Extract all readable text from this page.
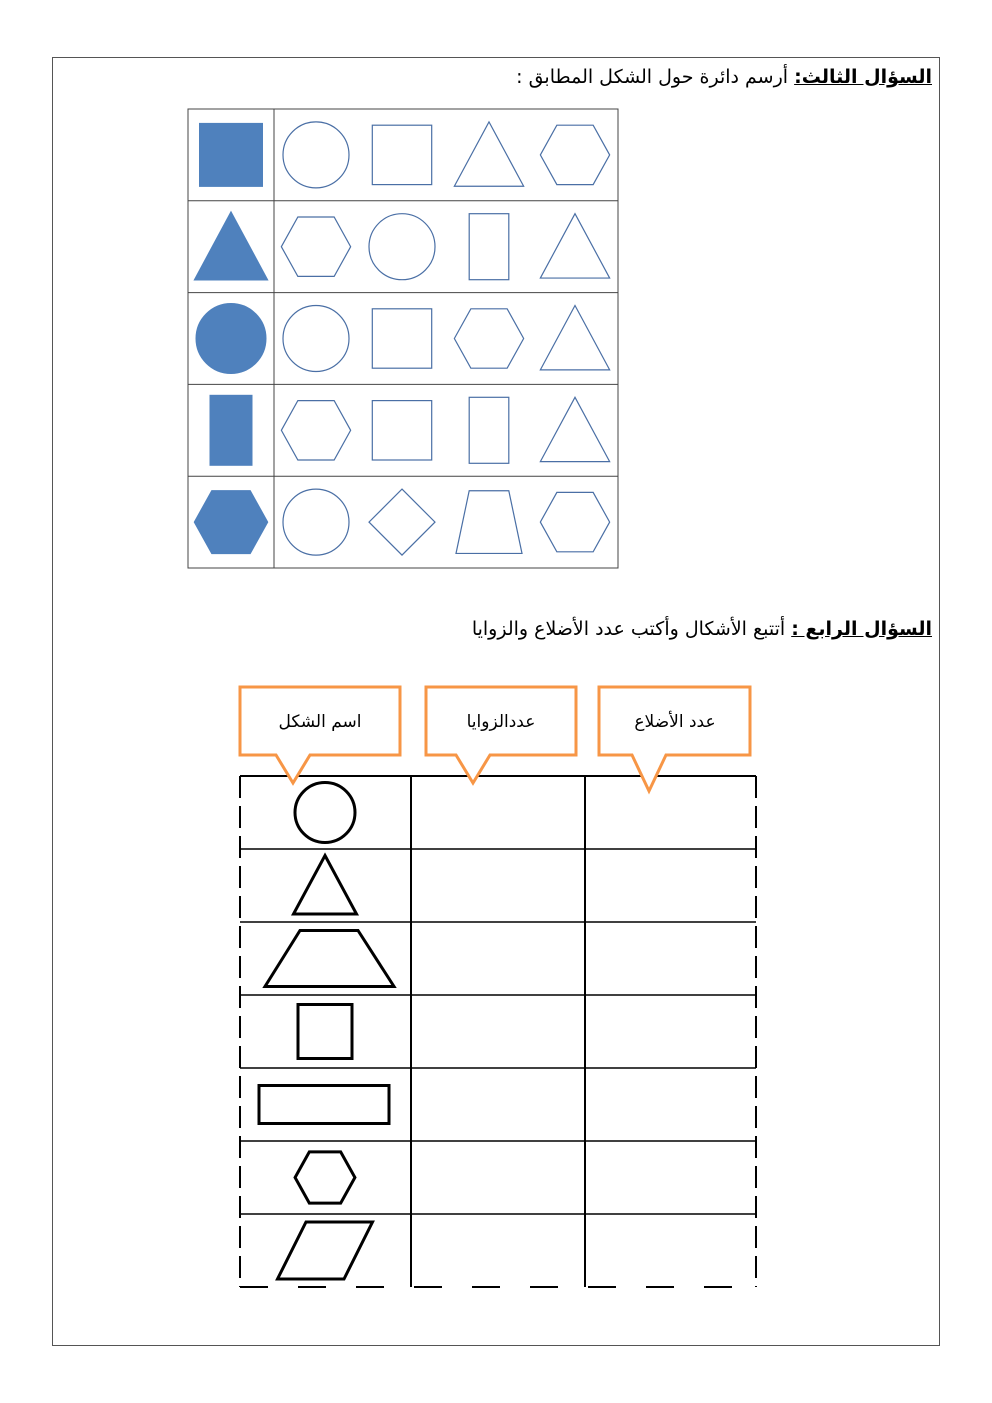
السؤال الثالث: أرسم دائرة حول الشكل المطابق :
السؤال الرابع : أتتبع الأشكال وأكتب عدد الأضلاع والزوايا
اسم الشكل	عددالزوايا	عدد الأضلاع
